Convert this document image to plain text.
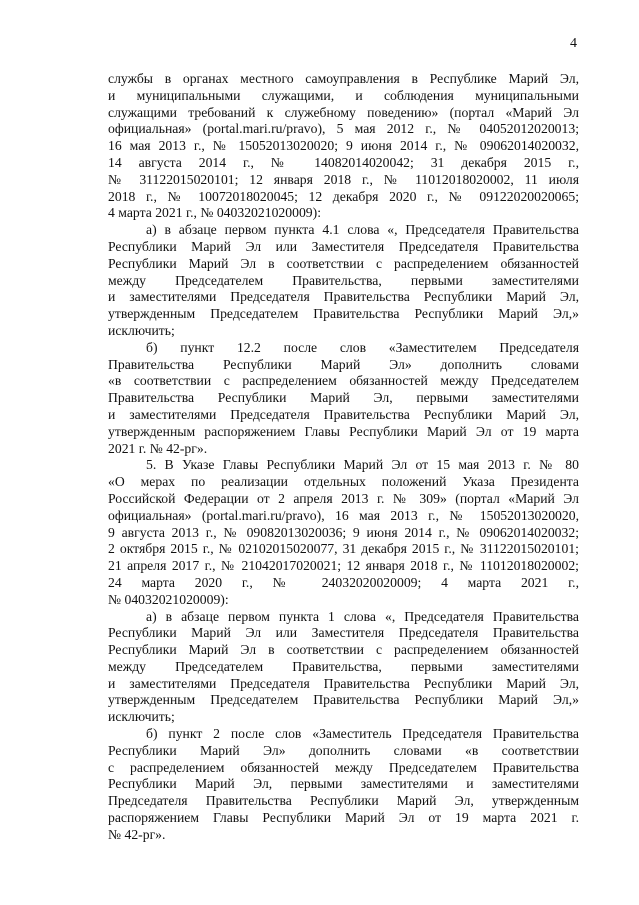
4
службы в органах местного самоуправления в Республике Марий Эл,
и муниципальными служащими, и соблюдения муниципальными
служащими требований к служебному поведению» (портал «Марий Эл
официальная» (portal.mari.ru/pravo), 5 мая 2012 г., № 04052012020013;
16 мая 2013 г., № 15052013020020; 9 июня 2014 г., № 09062014020032,
14 августа 2014 г., № 14082014020042; 31 декабря 2015 г.,
№ 31122015020101; 12 января 2018 г., № 11012018020002, 11 июля
2018 г., № 10072018020045; 12 декабря 2020 г., № 09122020020065;
4 марта 2021 г., № 04032021020009):
а) в абзаце первом пункта 4.1 слова «, Председателя Правительства
Республики Марий Эл или Заместителя Председателя Правительства
Республики Марий Эл в соответствии с распределением обязанностей
между Председателем Правительства, первыми заместителями
и заместителями Председателя Правительства Республики Марий Эл,
утвержденным Председателем Правительства Республики Марий Эл,»
исключить;
б) пункт 12.2 после слов «Заместителем Председателя
Правительства Республики Марий Эл» дополнить словами
«в соответствии с распределением обязанностей между Председателем
Правительства Республики Марий Эл, первыми заместителями
и заместителями Председателя Правительства Республики Марий Эл,
утвержденным распоряжением Главы Республики Марий Эл от 19 марта
2021 г. № 42-рг».
5. В Указе Главы Республики Марий Эл от 15 мая 2013 г. № 80
«О мерах по реализации отдельных положений Указа Президента
Российской Федерации от 2 апреля 2013 г. № 309» (портал «Марий Эл
официальная» (portal.mari.ru/pravo), 16 мая 2013 г., № 15052013020020,
9 августа 2013 г., № 09082013020036; 9 июня 2014 г., № 09062014020032;
2 октября 2015 г., № 02102015020077, 31 декабря 2015 г., № 31122015020101;
21 апреля 2017 г., № 21042017020021; 12 января 2018 г., № 11012018020002;
24 марта 2020 г., № 24032020020009; 4 марта 2021 г.,
№ 04032021020009):
а) в абзаце первом пункта 1 слова «, Председателя Правительства
Республики Марий Эл или Заместителя Председателя Правительства
Республики Марий Эл в соответствии с распределением обязанностей
между Председателем Правительства, первыми заместителями
и заместителями Председателя Правительства Республики Марий Эл,
утвержденным Председателем Правительства Республики Марий Эл,»
исключить;
б) пункт 2 после слов «Заместитель Председателя Правительства
Республики Марий Эл» дополнить словами «в соответствии
с распределением обязанностей между Председателем Правительства
Республики Марий Эл, первыми заместителями и заместителями
Председателя Правительства Республики Марий Эл, утвержденным
распоряжением Главы Республики Марий Эл от 19 марта 2021 г.
№ 42-рг».
